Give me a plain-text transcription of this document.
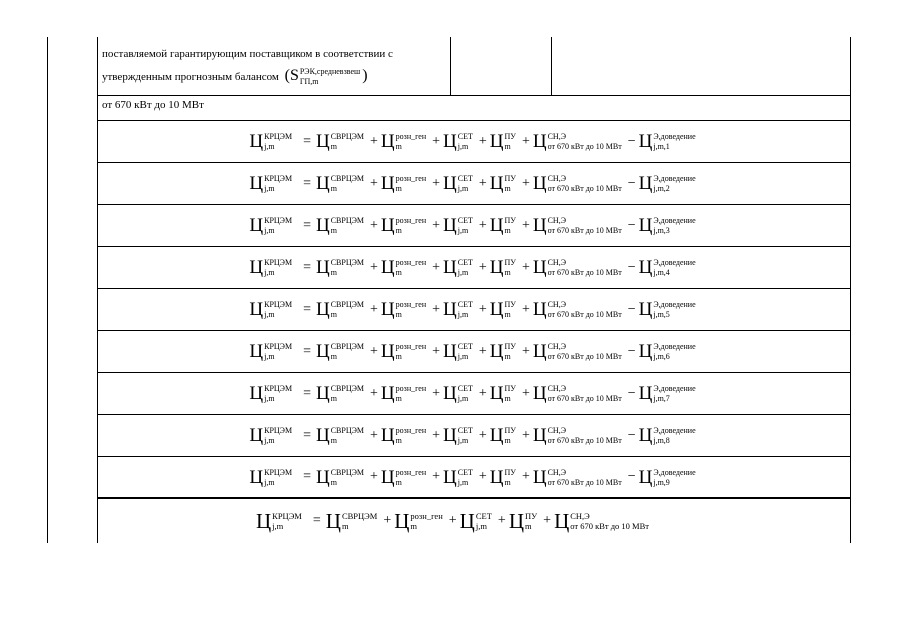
поставляемой гарантирующим поставщиком в соответствии с
утвержденным прогнозным балансом (S РЭК,средневзвеш
ГП,m	)
от 670 кВт до 10 МВт
Ц КРЦЭМ
j,m	= Ц СВРЦЭМ
m	+ Ц розн_ген
m	+ Ц СЕТ
j,m + Ц ПУ
m + Ц СН,Э
от 670 кВт до 10 МВт − Ц Э,доведение
j,m,1
Ц КРЦЭМ
j,m	= Ц СВРЦЭМ
m	+ Ц розн_ген
m	+ Ц СЕТ
j,m + Ц ПУ
m + Ц СН,Э
от 670 кВт до 10 МВт − Ц Э,доведение
j,m,2
Ц КРЦЭМ
j,m	= Ц СВРЦЭМ
m	+ Ц розн_ген
m	+ Ц СЕТ
j,m + Ц ПУ
m + Ц СН,Э
от 670 кВт до 10 МВт − Ц Э,доведение
j,m,3
Ц КРЦЭМ
j,m	= Ц СВРЦЭМ
m	+ Ц розн_ген
m	+ Ц СЕТ
j,m + Ц ПУ
m + Ц СН,Э
от 670 кВт до 10 МВт − Ц Э,доведение
j,m,4
Ц КРЦЭМ
j,m	= Ц СВРЦЭМ
m	+ Ц розн_ген
m	+ Ц СЕТ
j,m + Ц ПУ
m + Ц СН,Э
от 670 кВт до 10 МВт − Ц Э,доведение
j,m,5
Ц КРЦЭМ
j,m	= Ц СВРЦЭМ
m	+ Ц розн_ген
m	+ Ц СЕТ
j,m + Ц ПУ
m + Ц СН,Э
от 670 кВт до 10 МВт − Ц Э,доведение
j,m,6
Ц КРЦЭМ
j,m	= Ц СВРЦЭМ
m	+ Ц розн_ген
m	+ Ц СЕТ
j,m + Ц ПУ
m + Ц СН,Э
от 670 кВт до 10 МВт − Ц Э,доведение
j,m,7
Ц КРЦЭМ
j,m	= Ц СВРЦЭМ
m	+ Ц розн_ген
m	+ Ц СЕТ
j,m + Ц ПУ
m + Ц СН,Э
от 670 кВт до 10 МВт − Ц Э,доведение
j,m,8
Ц КРЦЭМ
j,m	= Ц СВРЦЭМ
m	+ Ц розн_ген
m	+ Ц СЕТ
j,m + Ц ПУ
m + Ц СН,Э
от 670 кВт до 10 МВт − Ц Э,доведение
j,m,9
Ц КРЦЭМ
j,m	= Ц СВРЦЭМ
m	+ Ц розн_ген
m	+ Ц СЕТ
j,m + Ц ПУ
m + Ц СН,Э
от 670 кВт до 10 МВт
